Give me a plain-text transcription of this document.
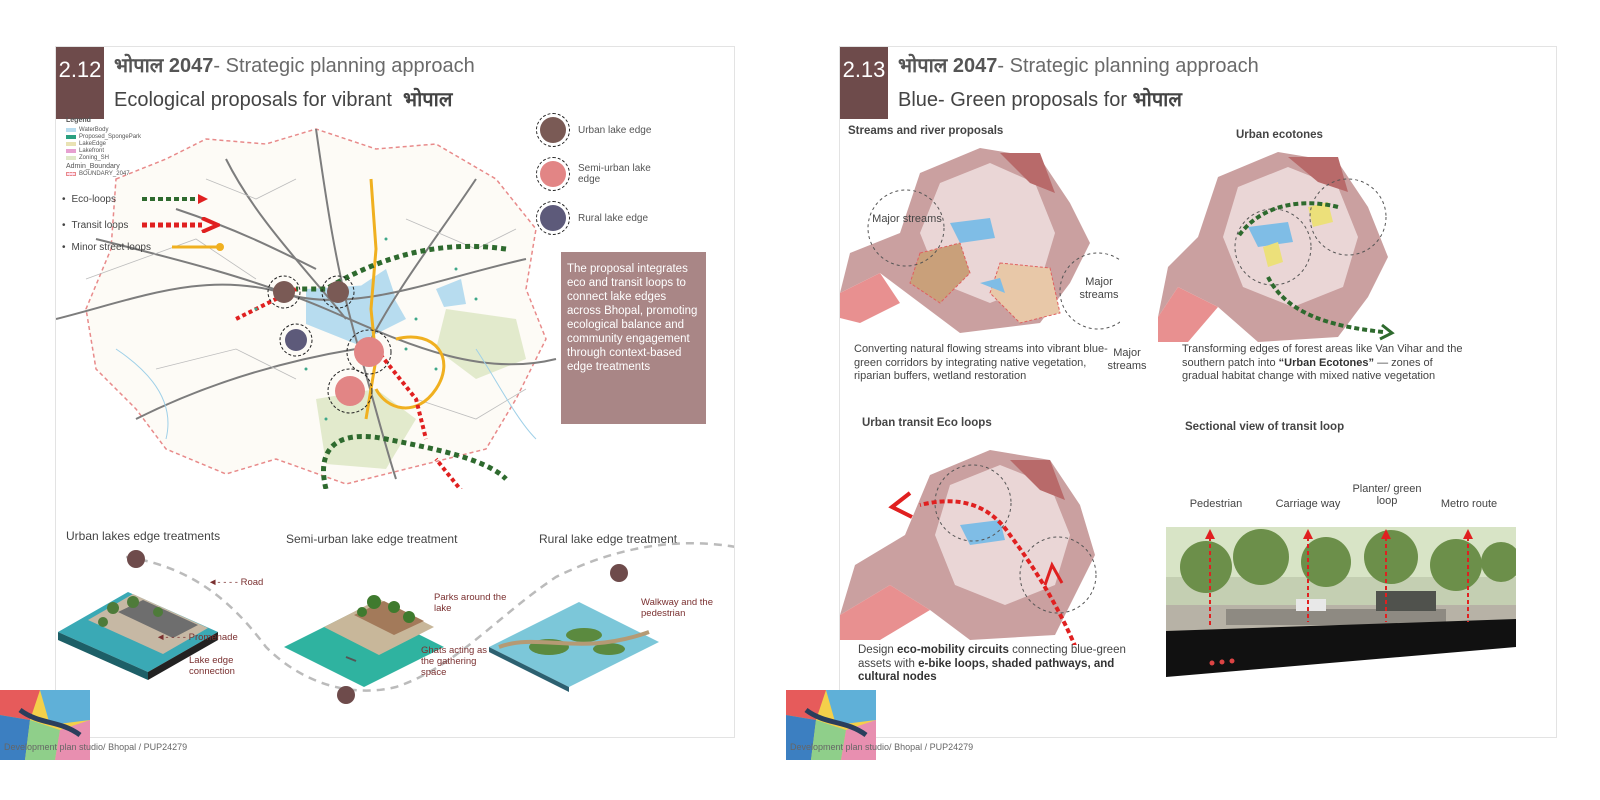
2.12 भोपाल 2047- Strategic planning approach
Ecological proposals for vibrant भोपाल
Legend
WaterBody
Proposed_SpongePark
LakeEdge
Lakefront
Zoning_SH
Admin_Boundary
BOUNDARY_2047
• Eco-loops
• Transit loops
• Minor street loops
Urban lake edge
Semi-urban lake edge
Rural lake edge
The proposal integrates eco and transit loops to connect lake edges across Bhopal, promoting ecological balance and community engagement through context-based edge treatments
Urban lakes edge treatments	Semi-urban lake edge treatment	Rural lake edge treatment
◄- - - - Road
◄- - - - Promenade
Lake edge connection
Parks around the lake
Ghats acting as the gathering space
Walkway and the pedestrian
Development plan studio/ Bhopal / PUP24279
2.13 भोपाल 2047- Strategic planning approach
Blue- Green proposals for भोपाल
Streams and river proposals	Urban ecotones
Urban transit Eco loops	Sectional view of transit loop
Major streams
Major streams
Major streams
Converting natural flowing streams into vibrant blue-green corridors by integrating native vegetation, riparian buffers, wetland restoration
Transforming edges of forest areas like Van Vihar and the southern patch into “Urban Ecotones” — zones of gradual habitat change with mixed native vegetation
Design eco-mobility circuits connecting blue-green assets with e-bike loops, shaded pathways, and cultural nodes
Pedestrian	Carriage way
Planter/ green loop	Metro route
Development plan studio/ Bhopal / PUP24279
